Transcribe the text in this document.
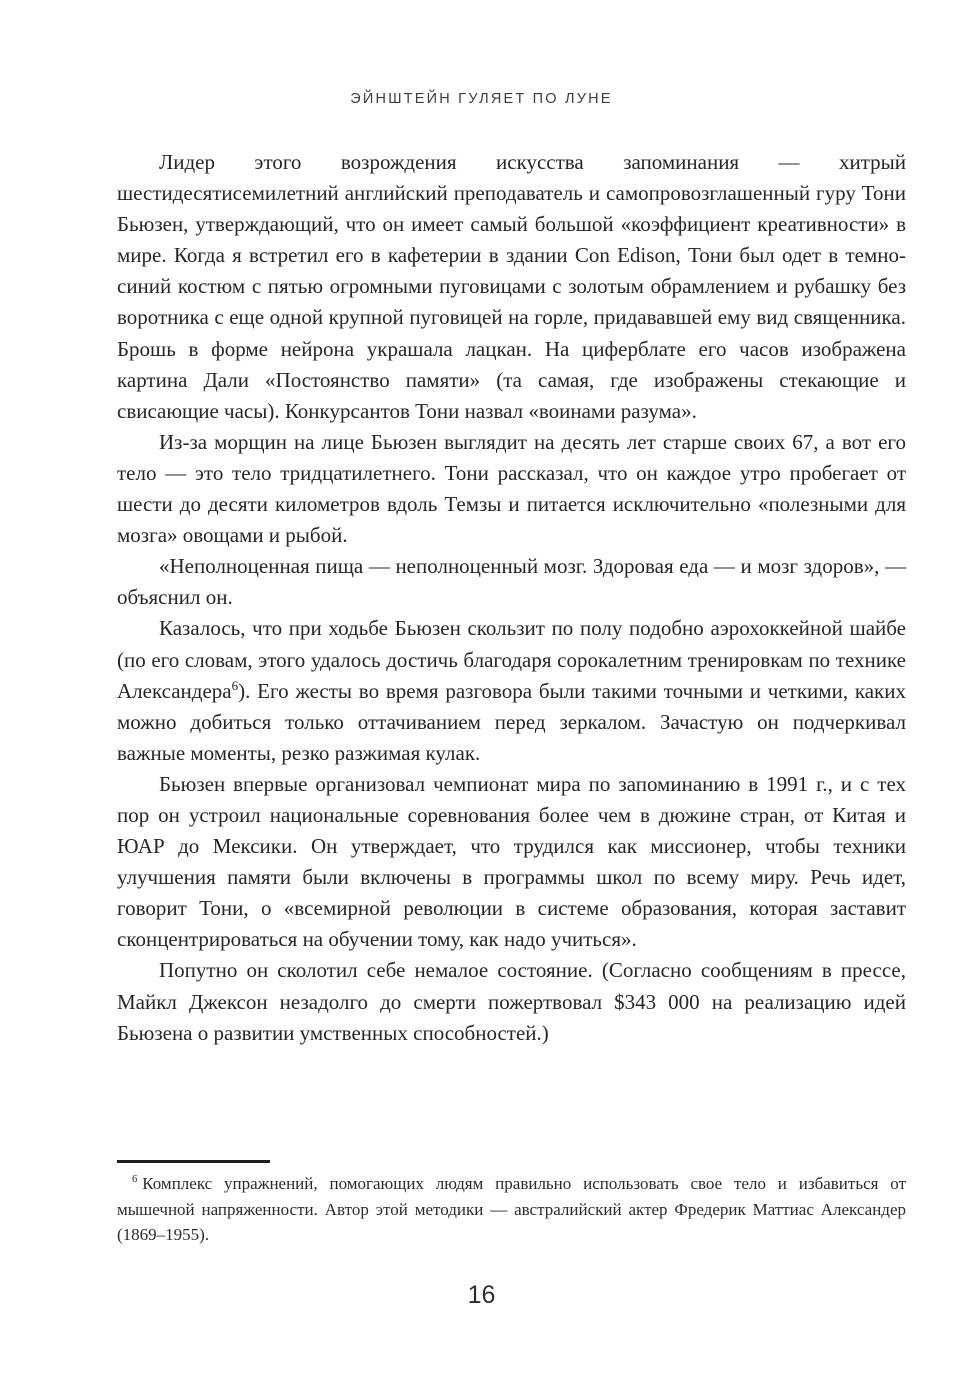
ЭЙНШТЕЙН ГУЛЯЕТ ПО ЛУНЕ

Лидер этого возрождения искусства запоминания — хитрый шестидесятисемилетний английский преподаватель и самопровозглашенный гуру Тони Бьюзен, утверждающий, что он имеет самый большой «коэффициент креативности» в мире. Когда я встретил его в кафетерии в здании Con Edison, Тони был одет в темно-синий костюм с пятью огромными пуговицами с золотым обрамлением и рубашку без воротника с еще одной крупной пуговицей на горле, придававшей ему вид священника. Брошь в форме нейрона украшала лацкан. На циферблате его часов изображена картина Дали «Постоянство памяти» (та самая, где изображены стекающие и свисающие часы). Конкурсантов Тони назвал «воинами разума».

Из-за морщин на лице Бьюзен выглядит на десять лет старше своих 67, а вот его тело — это тело тридцатилетнего. Тони рассказал, что он каждое утро пробегает от шести до десяти километров вдоль Темзы и питается исключительно «полезными для мозга» овощами и рыбой.

«Неполноценная пища — неполноценный мозг. Здоровая еда — и мозг здоров», — объяснил он.

Казалось, что при ходьбе Бьюзен скользит по полу подобно аэрохоккейной шайбе (по его словам, этого удалось достичь благодаря сорокалетним тренировкам по технике Александера$^6$). Его жесты во время разговора были такими точными и четкими, каких можно добиться только оттачиванием перед зеркалом. Зачастую он подчеркивал важные моменты, резко разжимая кулак.

Бьюзен впервые организовал чемпионат мира по запоминанию в 1991 г., и с тех пор он устроил национальные соревнования более чем в дюжине стран, от Китая и ЮАР до Мексики. Он утверждает, что трудился как миссионер, чтобы техники улучшения памяти были включены в программы школ по всему миру. Речь идет, говорит Тони, о «всемирной революции в системе образования, которая заставит сконцентрироваться на обучении тому, как надо учиться».

Попутно он сколотил себе немалое состояние. (Согласно сообщениям в прессе, Майкл Джексон незадолго до смерти пожертвовал $343 000 на реализацию идей Бьюзена о развитии умственных способностей.)

$^6$ Комплекс упражнений, помогающих людям правильно использовать свое тело и избавиться от мышечной напряженности. Автор этой методики — австралийский актер Фредерик Маттиас Александер (1869–1955).

16
